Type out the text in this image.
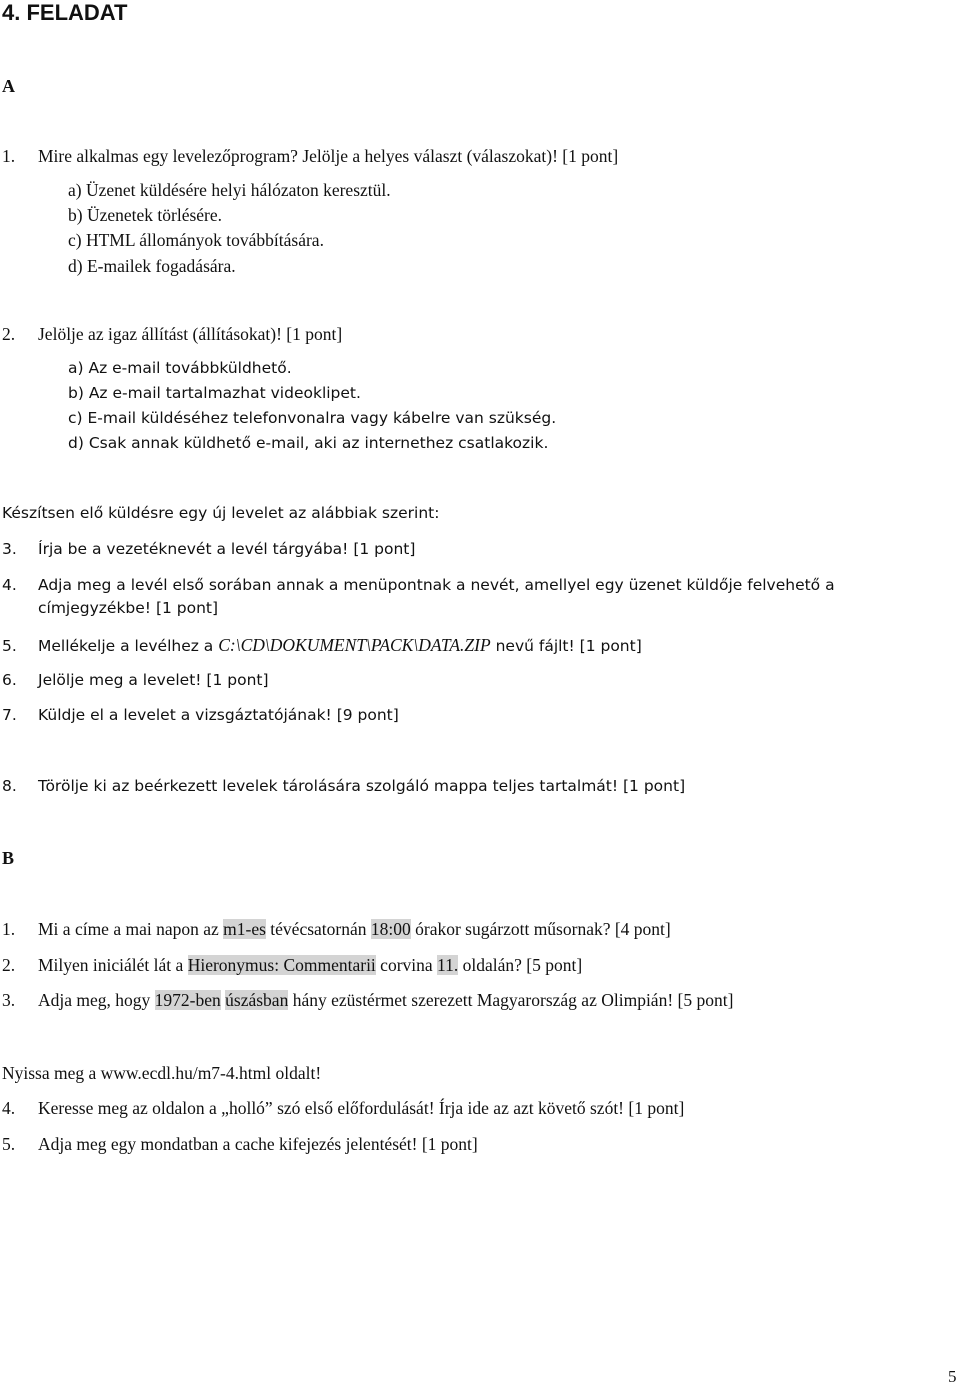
4. FELADAT
A
1. Mire alkalmas egy levelezőprogram? Jelölje a helyes választ (válaszokat)! [1 pont]
a) Üzenet küldésére helyi hálózaton keresztül.
b) Üzenetek törlésére.
c) HTML állományok továbbítására.
d) E-mailek fogadására.
2. Jelölje az igaz állítást (állításokat)! [1 pont]
a) Az e-mail továbbküldhető.
b) Az e-mail tartalmazhat videoklipet.
c) E-mail küldéséhez telefonvonalra vagy kábelre van szükség.
d) Csak annak küldhető e-mail, aki az internethez csatlakozik.
Készítsen elő küldésre egy új levelet az alábbiak szerint:
3. Írja be a vezetéknevét a levél tárgyába! [1 pont]
4. Adja meg a levél első sorában annak a menüpontnak a nevét, amellyel egy üzenet küldője felvehető a
címjegyzékbe! [1 pont]
5. Mellékelje a levélhez a C:\CD\DOKUMENT\PACK\DATA.ZIP nevű fájlt! [1 pont]
6. Jelölje meg a levelet! [1 pont]
7. Küldje el a levelet a vizsgáztatójának! [9 pont]
8. Törölje ki az beérkezett levelek tárolására szolgáló mappa teljes tartalmát! [1 pont]
B
1. Mi a címe a mai napon az m1-es tévécsatornán 18:00 órakor sugárzott műsornak? [4 pont]
2. Milyen iniciálét lát a Hieronymus: Commentarii corvina 11. oldalán? [5 pont]
3. Adja meg, hogy 1972-ben úszásban hány ezüstérmet szerezett Magyarország az Olimpián! [5 pont]
Nyissa meg a www.ecdl.hu/m7-4.html oldalt!
4. Keresse meg az oldalon a „holló” szó első előfordulását! Írja ide az azt követő szót! [1 pont]
5. Adja meg egy mondatban a cache kifejezés jelentését! [1 pont]
5
